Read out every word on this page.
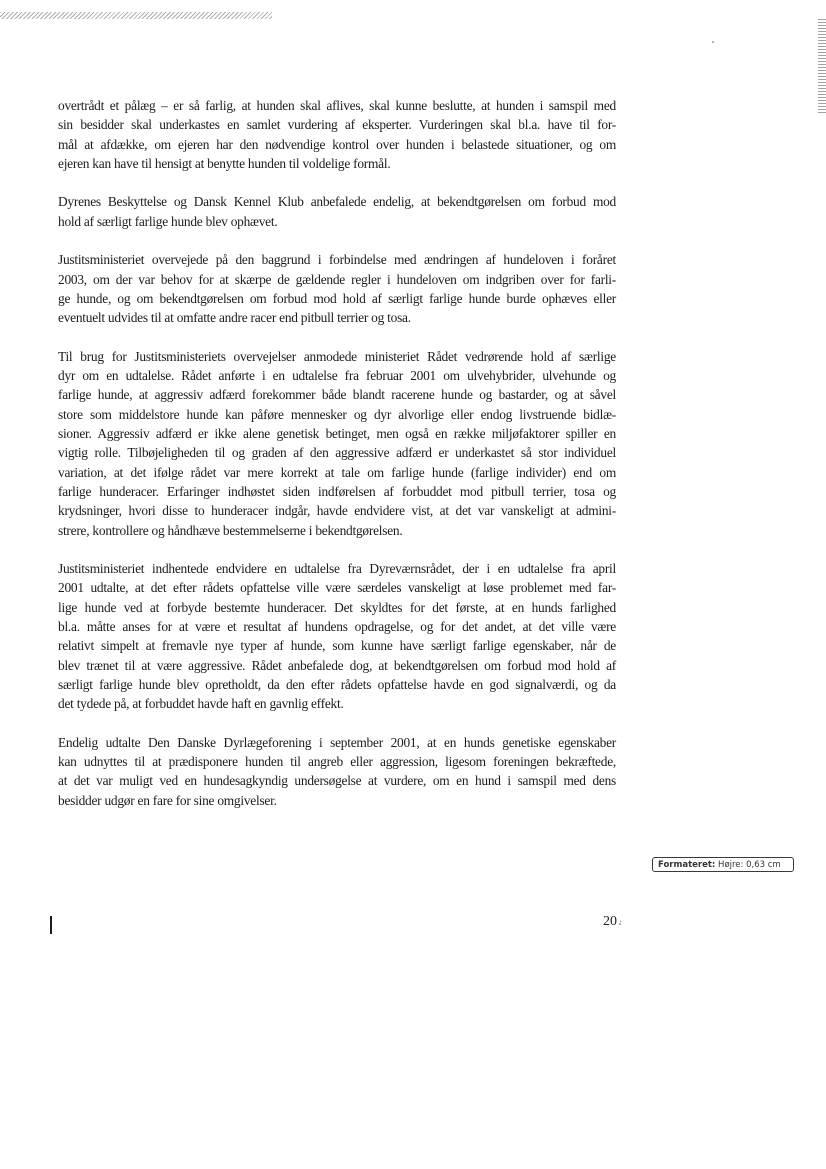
overtrådt et pålæg – er så farlig, at hunden skal aflives, skal kunne beslutte, at hunden i samspil med
sin besidder skal underkastes en samlet vurdering af eksperter. Vurderingen skal bl.a. have til for-
mål at afdække, om ejeren har den nødvendige kontrol over hunden i belastede situationer, og om
ejeren kan have til hensigt at benytte hunden til voldelige formål.
Dyrenes Beskyttelse og Dansk Kennel Klub anbefalede endelig, at bekendtgørelsen om forbud mod
hold af særligt farlige hunde blev ophævet.
Justitsministeriet overvejede på den baggrund i forbindelse med ændringen af hundeloven i foråret
2003, om der var behov for at skærpe de gældende regler i hundeloven om indgriben over for farli-
ge hunde, og om bekendtgørelsen om forbud mod hold af særligt farlige hunde burde ophæves eller
eventuelt udvides til at omfatte andre racer end pitbull terrier og tosa.
Til brug for Justitsministeriets overvejelser anmodede ministeriet Rådet vedrørende hold af særlige
dyr om en udtalelse. Rådet anførte i en udtalelse fra februar 2001 om ulvehybrider, ulvehunde og
farlige hunde, at aggressiv adfærd forekommer både blandt racerene hunde og bastarder, og at såvel
store som middelstore hunde kan påføre mennesker og dyr alvorlige eller endog livstruende bidlæ-
sioner. Aggressiv adfærd er ikke alene genetisk betinget, men også en række miljøfaktorer spiller en
vigtig rolle. Tilbøjeligheden til og graden af den aggressive adfærd er underkastet så stor individuel
variation, at det ifølge rådet var mere korrekt at tale om farlige hunde (farlige individer) end om
farlige hunderacer. Erfaringer indhøstet siden indførelsen af forbuddet mod pitbull terrier, tosa og
krydsninger, hvori disse to hunderacer indgår, havde endvidere vist, at det var vanskeligt at admini-
strere, kontrollere og håndhæve bestemmelserne i bekendtgørelsen.
Justitsministeriet indhentede endvidere en udtalelse fra Dyreværnsrådet, der i en udtalelse fra april
2001 udtalte, at det efter rådets opfattelse ville være særdeles vanskeligt at løse problemet med far-
lige hunde ved at forbyde bestemte hunderacer. Det skyldtes for det første, at en hunds farlighed
bl.a. måtte anses for at være et resultat af hundens opdragelse, og for det andet, at det ville være
relativt simpelt at fremavle nye typer af hunde, som kunne have særligt farlige egenskaber, når de
blev trænet til at være aggressive. Rådet anbefalede dog, at bekendtgørelsen om forbud mod hold af
særligt farlige hunde blev opretholdt, da den efter rådets opfattelse havde en god signalværdi, og da
det tydede på, at forbuddet havde haft en gavnlig effekt.
Endelig udtalte Den Danske Dyrlægeforening i september 2001, at en hunds genetiske egenskaber
kan udnyttes til at prædisponere hunden til angreb eller aggression, ligesom foreningen bekræftede,
at det var muligt ved en hundesagkyndig undersøgelse at vurdere, om en hund i samspil med dens
besidder udgør en fare for sine omgivelser.
Formateret: Højre: 0,63 cm
20 ·
